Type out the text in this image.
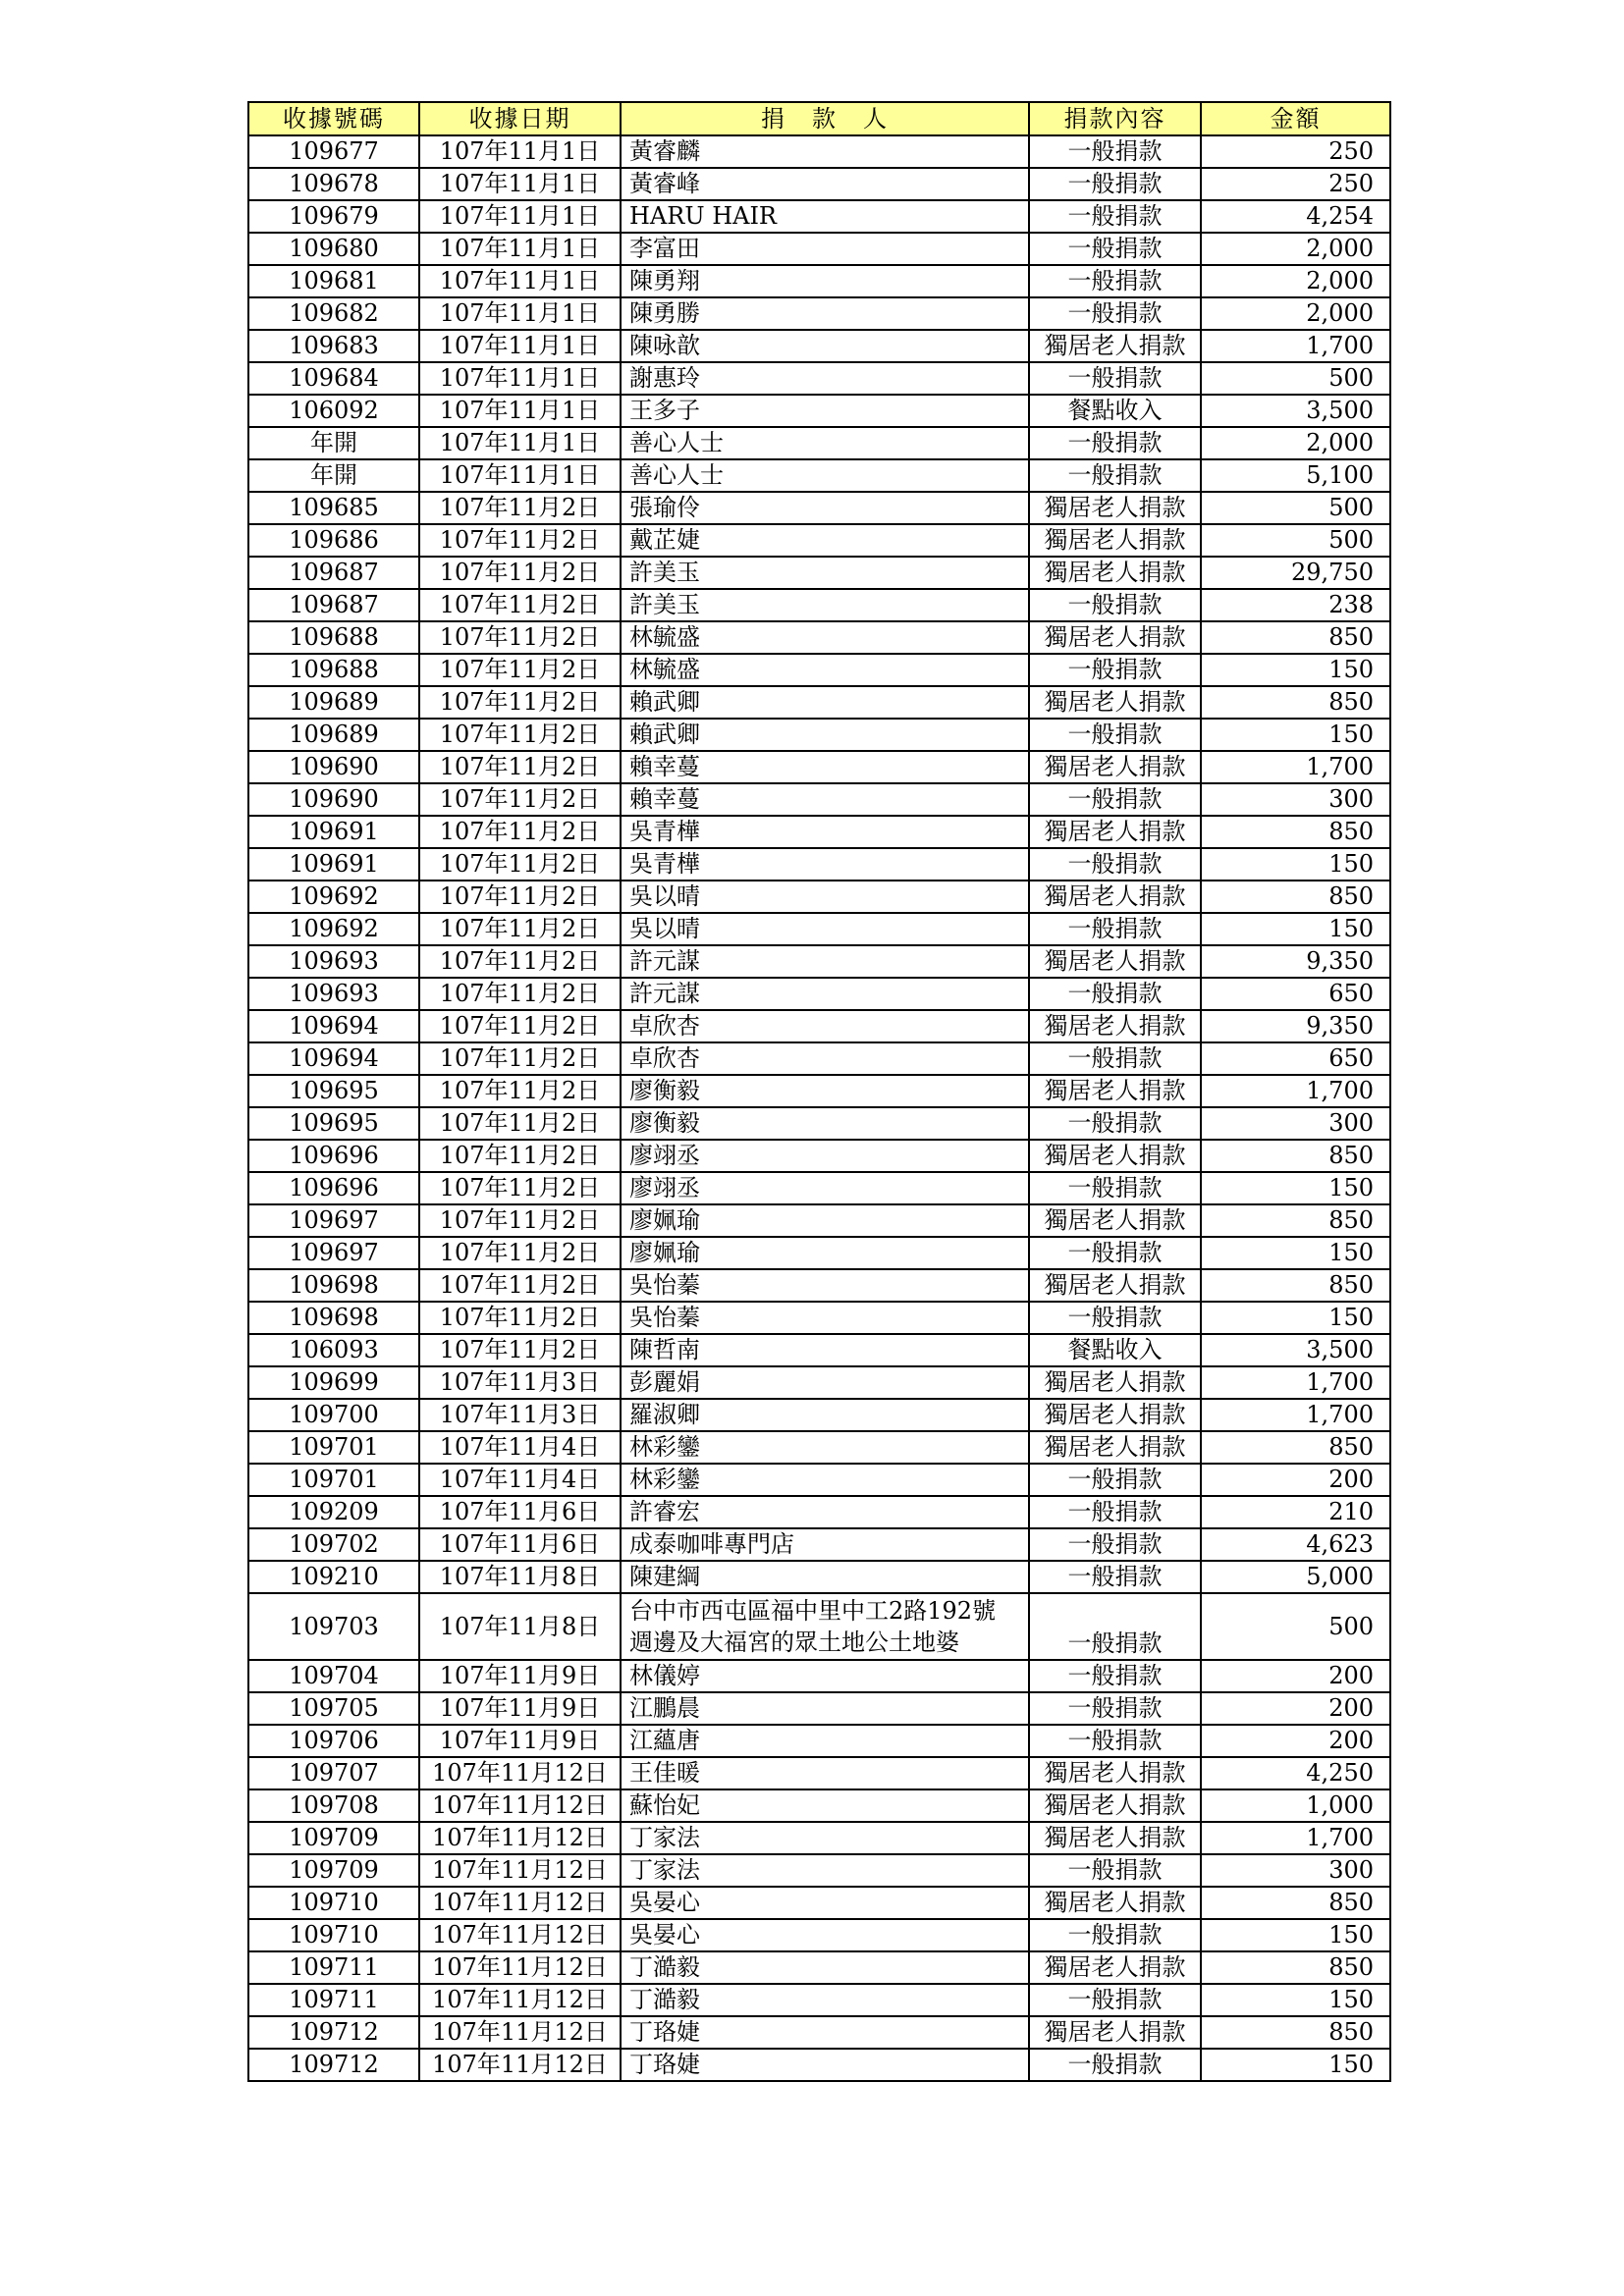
收據號碼	收據日期	捐　款　人	捐款內容	金額
109677	107年11月1日	黃睿麟	一般捐款	250
109678	107年11月1日	黃睿峰	一般捐款	250
109679	107年11月1日	HARU HAIR	一般捐款	4,254
109680	107年11月1日	李富田	一般捐款	2,000
109681	107年11月1日	陳勇翔	一般捐款	2,000
109682	107年11月1日	陳勇勝	一般捐款	2,000
109683	107年11月1日	陳咏歆	獨居老人捐款	1,700
109684	107年11月1日	謝惠玲	一般捐款	500
106092	107年11月1日	王多子	餐點收入	3,500
年開	107年11月1日	善心人士	一般捐款	2,000
年開	107年11月1日	善心人士	一般捐款	5,100
109685	107年11月2日	張瑜伶	獨居老人捐款	500
109686	107年11月2日	戴芷婕	獨居老人捐款	500
109687	107年11月2日	許美玉	獨居老人捐款	29,750
109687	107年11月2日	許美玉	一般捐款	238
109688	107年11月2日	林毓盛	獨居老人捐款	850
109688	107年11月2日	林毓盛	一般捐款	150
109689	107年11月2日	賴武卿	獨居老人捐款	850
109689	107年11月2日	賴武卿	一般捐款	150
109690	107年11月2日	賴幸蔓	獨居老人捐款	1,700
109690	107年11月2日	賴幸蔓	一般捐款	300
109691	107年11月2日	吳青樺	獨居老人捐款	850
109691	107年11月2日	吳青樺	一般捐款	150
109692	107年11月2日	吳以晴	獨居老人捐款	850
109692	107年11月2日	吳以晴	一般捐款	150
109693	107年11月2日	許元謀	獨居老人捐款	9,350
109693	107年11月2日	許元謀	一般捐款	650
109694	107年11月2日	卓欣杏	獨居老人捐款	9,350
109694	107年11月2日	卓欣杏	一般捐款	650
109695	107年11月2日	廖衡毅	獨居老人捐款	1,700
109695	107年11月2日	廖衡毅	一般捐款	300
109696	107年11月2日	廖翊丞	獨居老人捐款	850
109696	107年11月2日	廖翊丞	一般捐款	150
109697	107年11月2日	廖姵瑜	獨居老人捐款	850
109697	107年11月2日	廖姵瑜	一般捐款	150
109698	107年11月2日	吳怡蓁	獨居老人捐款	850
109698	107年11月2日	吳怡蓁	一般捐款	150
106093	107年11月2日	陳哲南	餐點收入	3,500
109699	107年11月3日	彭麗娟	獨居老人捐款	1,700
109700	107年11月3日	羅淑卿	獨居老人捐款	1,700
109701	107年11月4日	林彩鑾	獨居老人捐款	850
109701	107年11月4日	林彩鑾	一般捐款	200
109209	107年11月6日	許睿宏	一般捐款	210
109702	107年11月6日	成泰咖啡專門店	一般捐款	4,623
109210	107年11月8日	陳建綱	一般捐款	5,000
109703	107年11月8日	台中市西屯區福中里中工2路192號
週邊及大福宮的眾土地公土地婆	一般捐款	500
109704	107年11月9日	林儀婷	一般捐款	200
109705	107年11月9日	江鵬晨	一般捐款	200
109706	107年11月9日	江蘊唐	一般捐款	200
109707	107年11月12日	王佳暖	獨居老人捐款	4,250
109708	107年11月12日	蘇怡妃	獨居老人捐款	1,000
109709	107年11月12日	丁家法	獨居老人捐款	1,700
109709	107年11月12日	丁家法	一般捐款	300
109710	107年11月12日	吳晏心	獨居老人捐款	850
109710	107年11月12日	吳晏心	一般捐款	150
109711	107年11月12日	丁澔毅	獨居老人捐款	850
109711	107年11月12日	丁澔毅	一般捐款	150
109712	107年11月12日	丁珞婕	獨居老人捐款	850
109712	107年11月12日	丁珞婕	一般捐款	150
